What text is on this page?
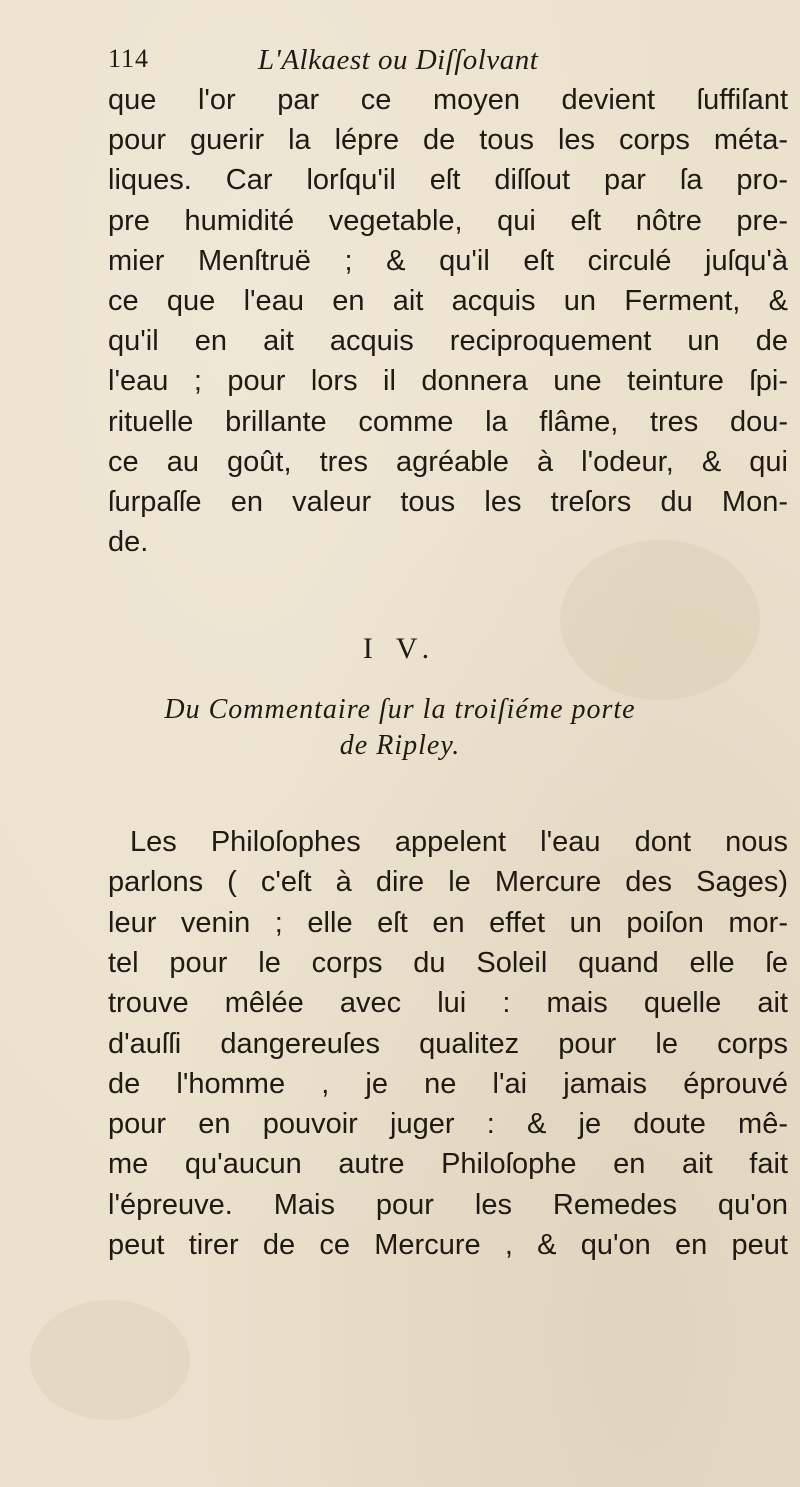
114	L'Alkaest ou Diſſolvant
que l'or par ce moyen devient ſuffiſant
pour guerir la lépre de tous les corps méta-
liques. Car lorſqu'il eſt diſſout par ſa pro-
pre humidité vegetable, qui eſt nôtre pre-
mier Menſtruë ; & qu'il eſt circulé juſqu'à
ce que l'eau en ait acquis un Ferment, &
qu'il en ait acquis reciproquement un de
l'eau ; pour lors il donnera une teinture ſpi-
rituelle brillante comme la flâme, tres dou-
ce au goût, tres agréable à l'odeur, & qui
ſurpaſſe en valeur tous les treſors du Mon-
de.
I V.
Du Commentaire ſur la troiſiéme porte
de Ripley.
Les Philoſophes appelent l'eau dont nous
parlons ( c'eſt à dire le Mercure des Sages)
leur venin ; elle eſt en effet un poiſon mor-
tel pour le corps du Soleil quand elle ſe
trouve mêlée avec lui : mais quelle ait
d'auſſi dangereuſes qualitez pour le corps
de l'homme , je ne l'ai jamais éprouvé
pour en pouvoir juger : & je doute mê-
me qu'aucun autre Philoſophe en ait fait
l'épreuve. Mais pour les Remedes qu'on
peut tirer de ce Mercure , & qu'on en peut
